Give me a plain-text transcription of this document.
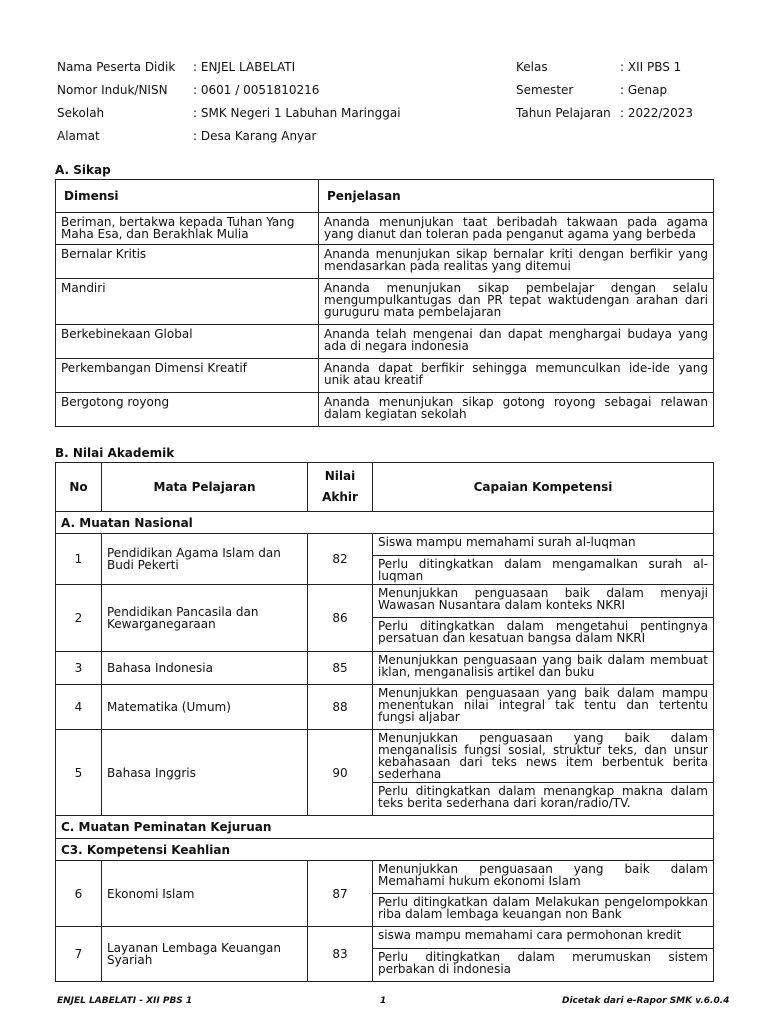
Nama Peserta Didik	: ENJEL LABELATI	Kelas	: XII PBS 1
Nomor Induk/NISN	: 0601 / 0051810216	Semester	: Genap
Sekolah	: SMK Negeri 1 Labuhan Maringgai	Tahun Pelajaran : 2022/2023
Alamat	: Desa Karang Anyar
A. Sikap
Dimensi	Penjelasan
Beriman, bertakwa kepada Tuhan Yang Maha Esa, dan Berakhlak Mulia	Ananda menunjukan taat beribadah takwaan pada agama yang dianut dan toleran pada penganut agama yang berbeda
Bernalar Kritis	Ananda menunjukan sikap bernalar kriti dengan berfikir yang mendasarkan pada realitas yang ditemui
Mandiri	Ananda menunjukan sikap pembelajar dengan selalu mengumpulkantugas dan PR tepat waktudengan arahan dari guruguru mata pembelajaran
Berkebinekaan Global	Ananda telah mengenai dan dapat menghargai budaya yang ada di negara indonesia
Perkembangan Dimensi Kreatif	Ananda dapat berfikir sehingga memunculkan ide-ide yang unik atau kreatif
Bergotong royong	Ananda menunjukan sikap gotong royong sebagai relawan dalam kegiatan sekolah
B. Nilai Akademik
No	Mata Pelajaran	Nilai Akhir	Capaian Kompetensi
A. Muatan Nasional			
1	Pendidikan Agama Islam dan Budi Pekerti	82	Siswa mampu memahami surah al-luqman
			Perlu ditingkatkan dalam mengamalkan surah al-luqman
2	Pendidikan Pancasila dan Kewarganegaraan	86	Menunjukkan penguasaan baik dalam menyaji Wawasan Nusantara dalam konteks NKRI
			Perlu ditingkatkan dalam mengetahui pentingnya persatuan dan kesatuan bangsa dalam NKRI
3	Bahasa Indonesia	85	Menunjukkan penguasaan yang baik dalam membuat iklan, menganalisis artikel dan buku
4	Matematika (Umum)	88	Menunjukkan penguasaan yang baik dalam mampu menentukan nilai integral tak tentu dan tertentu fungsi aljabar
5	Bahasa Inggris	90	Menunjukkan penguasaan yang baik dalam menganalisis fungsi sosial, struktur teks, dan unsur kebahasaan dari teks news item berbentuk berita sederhana
			Perlu ditingkatkan dalam menangkap makna dalam teks berita sederhana dari koran/radio/TV.
C. Muatan Peminatan Kejuruan			
C3. Kompetensi Keahlian			
6	Ekonomi Islam	87	Menunjukkan penguasaan yang baik dalam Memahami hukum ekonomi Islam
			Perlu ditingkatkan dalam Melakukan pengelompokkan riba dalam lembaga keuangan non Bank
7	Layanan Lembaga Keuangan Syariah	83	siswa mampu memahami cara permohonan kredit
			Perlu ditingkatkan dalam merumuskan sistem perbakan di indonesia
ENJEL LABELATI - XII PBS 1	1	Dicetak dari e-Rapor SMK v.6.0.4
